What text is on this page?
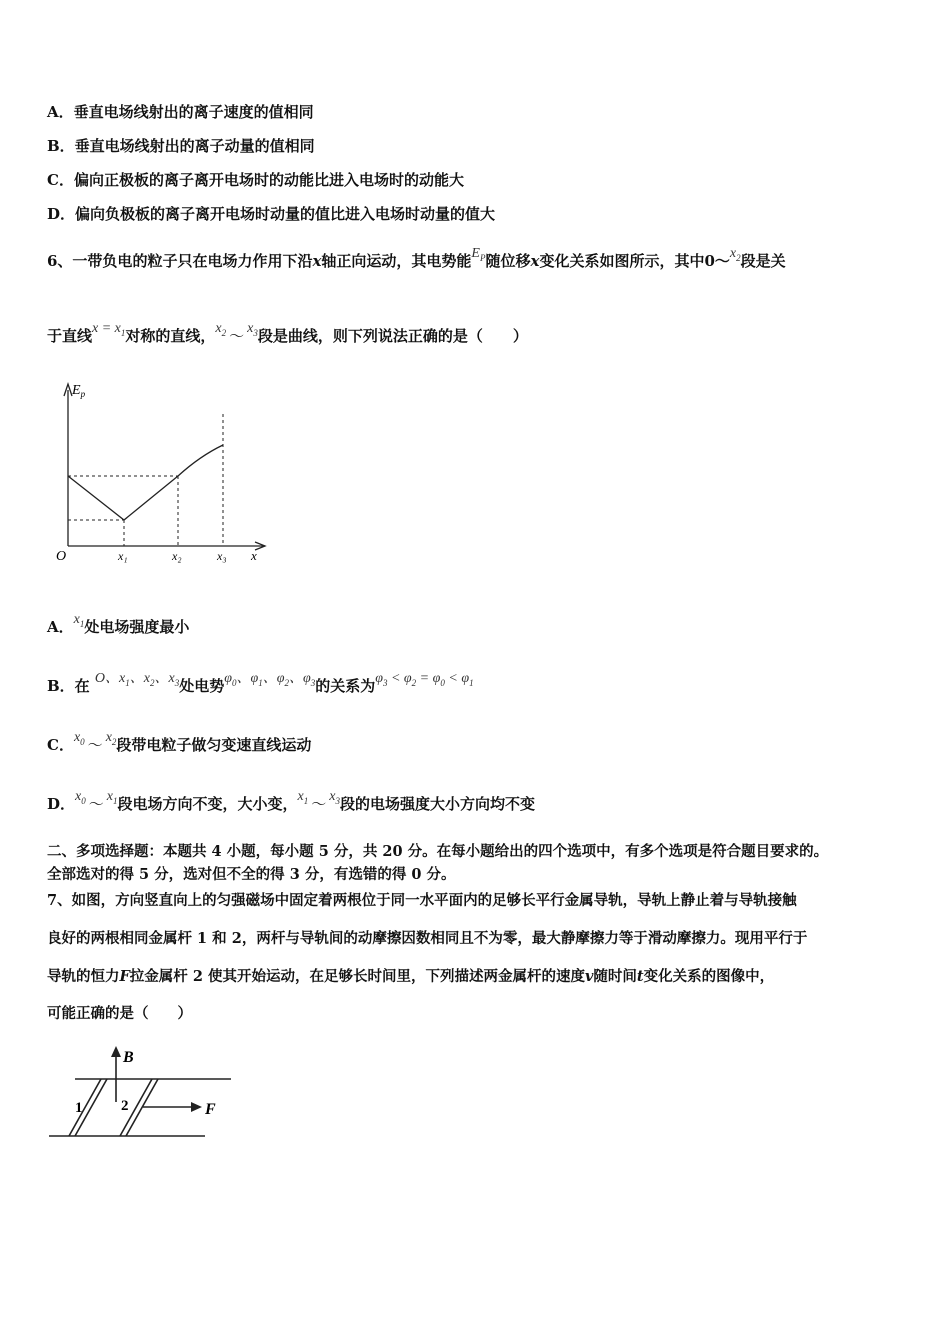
A．垂直电场线射出的离子速度的值相同
B．垂直电场线射出的离子动量的值相同
C．偏向正极板的离子离开电场时的动能比进入电场时的动能大
D．偏向负极板的离子离开电场时动量的值比进入电场时动量的值大
6、一带负电的粒子只在电场力作用下沿x轴正向运动，其电势能$E_P$随位移x变化关系如图所示，其中$0\sim x_2$段是关
于直线$x = x_1$对称的直线，$x_2$ ～ $x_3$段是曲线，则下列说法正确的是（　　）
$E_p$
O	x₁	x₂	x₃ x
A．$x_1$处电场强度最小
B．在 O、$x_1$、$x_2$、$x_3$处电势$\varphi_0$、$\varphi_1$、$\varphi_2$、$\varphi_3$的关系为$\varphi_3 < \varphi_2 = \varphi_0 < \varphi_1$
C．$x_0$ ～ $x_2$段带电粒子做匀变速直线运动
D．$x_0$ ～ $x_1$段电场方向不变，大小变，$x_1$ ～ $x_3$段的电场强度大小方向均不变
二、多项选择题：本题共 4 小题，每小题 5 分，共 20 分。在每小题给出的四个选项中，有多个选项是符合题目要求的。
全部选对的得 5 分，选对但不全的得 3 分，有选错的得 0 分。
7、如图，方向竖直向上的匀强磁场中固定着两根位于同一水平面内的足够长平行金属导轨，导轨上静止着与导轨接触
良好的两根相同金属杆 1 和 2，两杆与导轨间的动摩擦因数相同且不为零，最大静摩擦力等于滑动摩擦力。现用平行于
导轨的恒力F拉金属杆 2 使其开始运动，在足够长时间里，下列描述两金属杆的速度v随时间t变化关系的图像中，
可能正确的是（　　）
B
F
1	2
